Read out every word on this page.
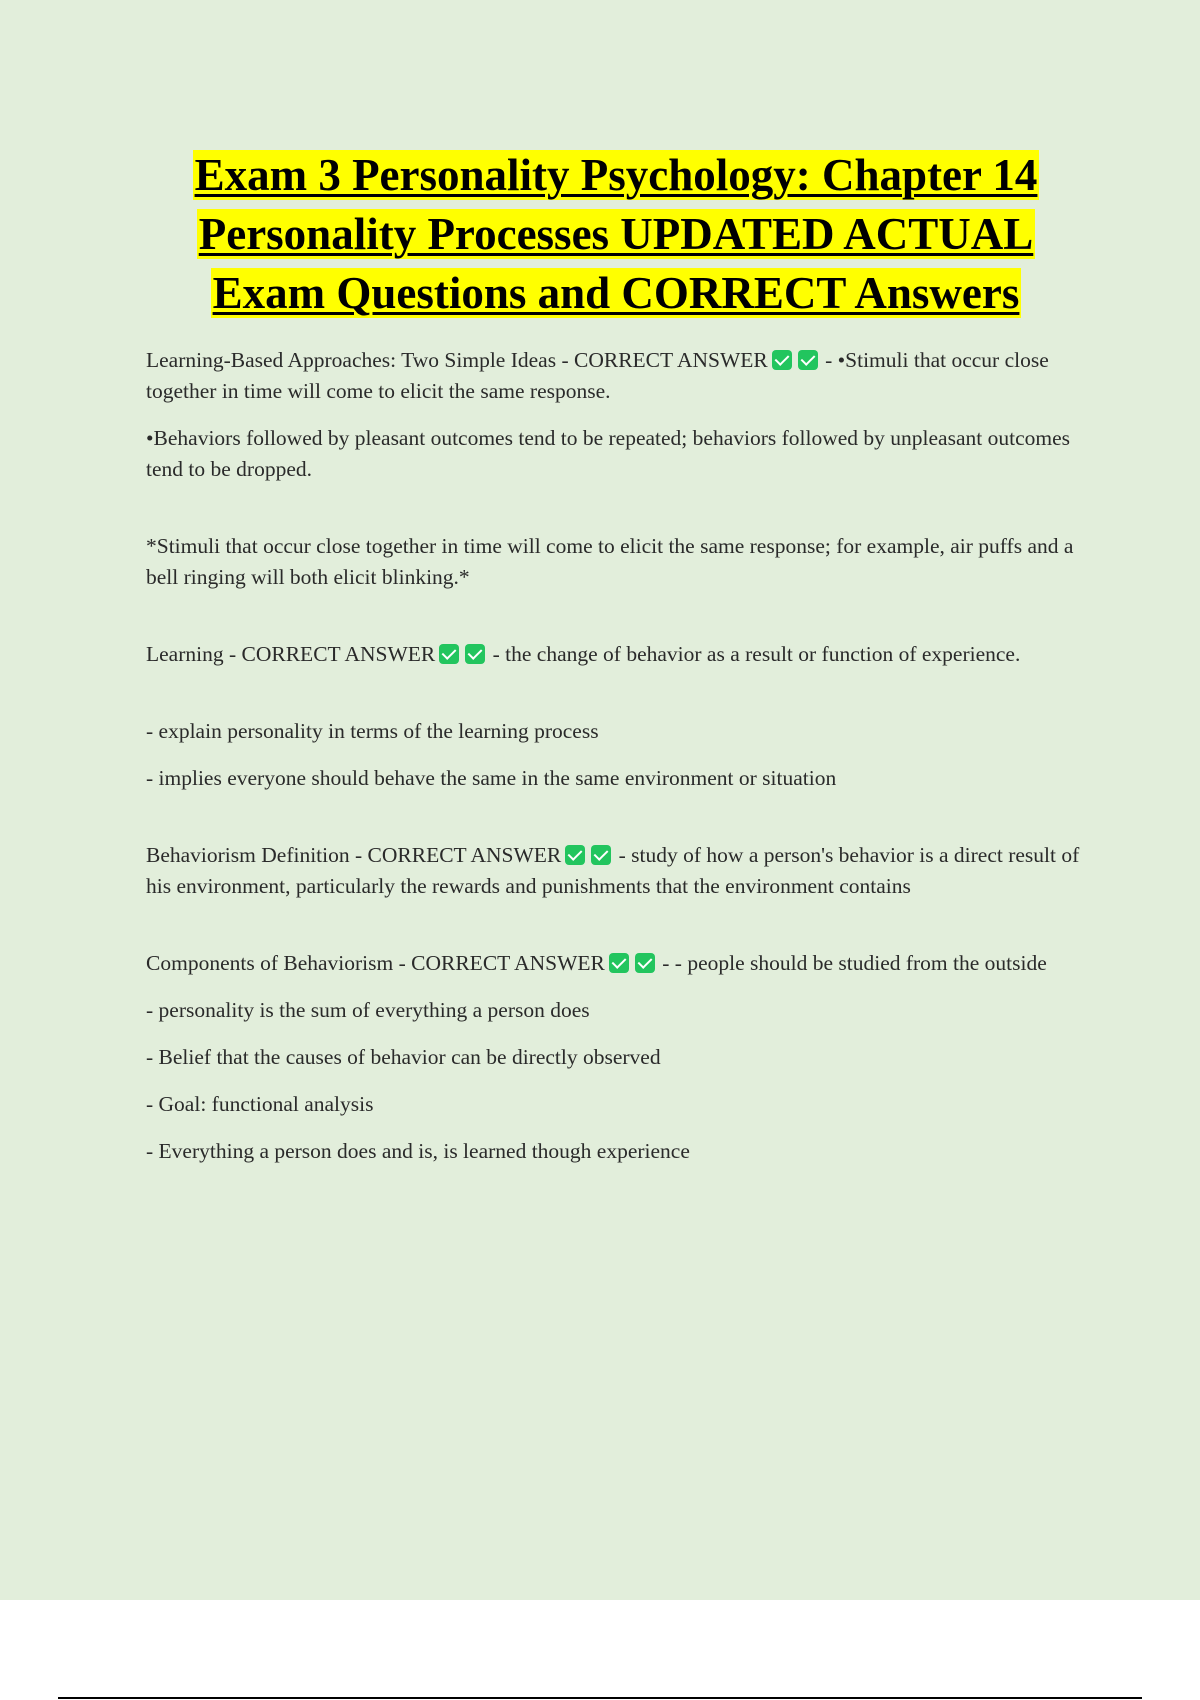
Exam 3 Personality Psychology: Chapter 14
Personality Processes UPDATED ACTUAL
Exam Questions and CORRECT Answers

Learning-Based Approaches: Two Simple Ideas - CORRECT ANSWER	- •Stimuli that occur close together in time will come to elicit the same response.

•Behaviors followed by pleasant outcomes tend to be repeated; behaviors followed by unpleasant outcomes tend to be dropped.

*Stimuli that occur close together in time will come to elicit the same response; for example, air puffs and a bell ringing will both elicit blinking.*

Learning - CORRECT ANSWER	- the change of behavior as a result or function of experience.

- explain personality in terms of the learning process

- implies everyone should behave the same in the same environment or situation

Behaviorism Definition - CORRECT ANSWER	- study of how a person's behavior is a direct result of his environment, particularly the rewards and punishments that the environment contains

Components of Behaviorism - CORRECT ANSWER	- - people should be studied from the outside

- personality is the sum of everything a person does

- Belief that the causes of behavior can be directly observed

- Goal: functional analysis

- Everything a person does and is, is learned though experience
